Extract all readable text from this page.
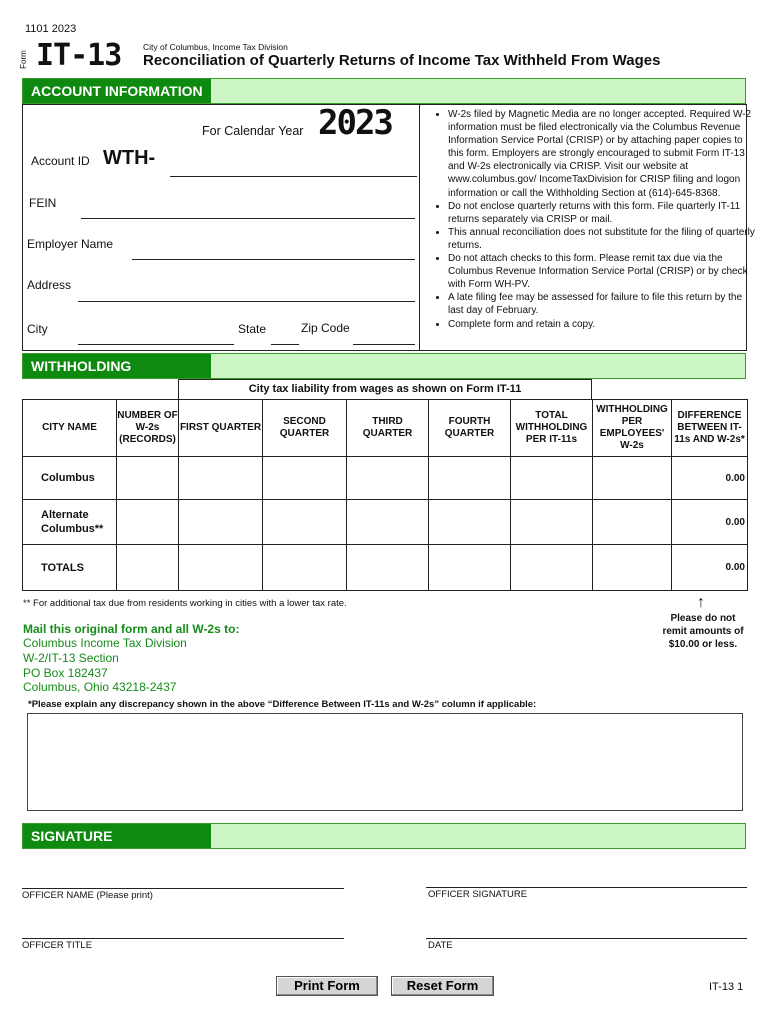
1101 2023
Form IT-13	City of Columbus, Income Tax Division
Reconciliation of Quarterly Returns of Income Tax Withheld From Wages
ACCOUNT INFORMATION
For Calendar Year 2023
Account ID WTH-
FEIN
Employer Name
Address
City	State	Zip Code
• W-2s filed by Magnetic Media are no longer accepted. Required W-2 information must be filed electronically via the Columbus Revenue Information Service Portal (CRISP) or by attaching paper copies to this form. Employers are strongly encouraged to submit Form IT-13 and W-2s electronically via CRISP. Visit our website at www.columbus.gov/ IncomeTaxDivision for CRISP filing and logon information or call the Withholding Section at (614)-645-8368.
• Do not enclose quarterly returns with this form. File quarterly IT-11 returns separately via CRISP or mail.
• This annual reconciliation does not substitute for the filing of quarterly returns.
• Do not attach checks to this form. Please remit tax due via the Columbus Revenue Information Service Portal (CRISP) or by check with Form WH-PV.
• A late filing fee may be assessed for failure to file this return by the last day of February.
• Complete form and retain a copy.
WITHHOLDING
City tax liability from wages as shown on Form IT-11
CITY NAME	NUMBER OF W-2s (RECORDS)	FIRST QUARTER	SECOND QUARTER	THIRD QUARTER	FOURTH QUARTER	TOTAL WITHHOLDING PER IT-11s	WITHHOLDING PER EMPLOYEES' W-2s	DIFFERENCE BETWEEN IT-11s AND W-2s*
Columbus								0.00
Alternate Columbus**								0.00
TOTALS								0.00
** For additional tax due from residents working in cities with a lower tax rate.	↑
Please do not remit amounts of $10.00 or less.
Mail this original form and all W-2s to:
Columbus Income Tax Division
W-2/IT-13 Section
PO Box 182437
Columbus, Ohio 43218-2437
*Please explain any discrepancy shown in the above “Difference Between IT-11s and W-2s” column if applicable:
SIGNATURE
OFFICER NAME (Please print)	OFFICER SIGNATURE
OFFICER TITLE	DATE
Print Form	Reset Form	IT-13 1
